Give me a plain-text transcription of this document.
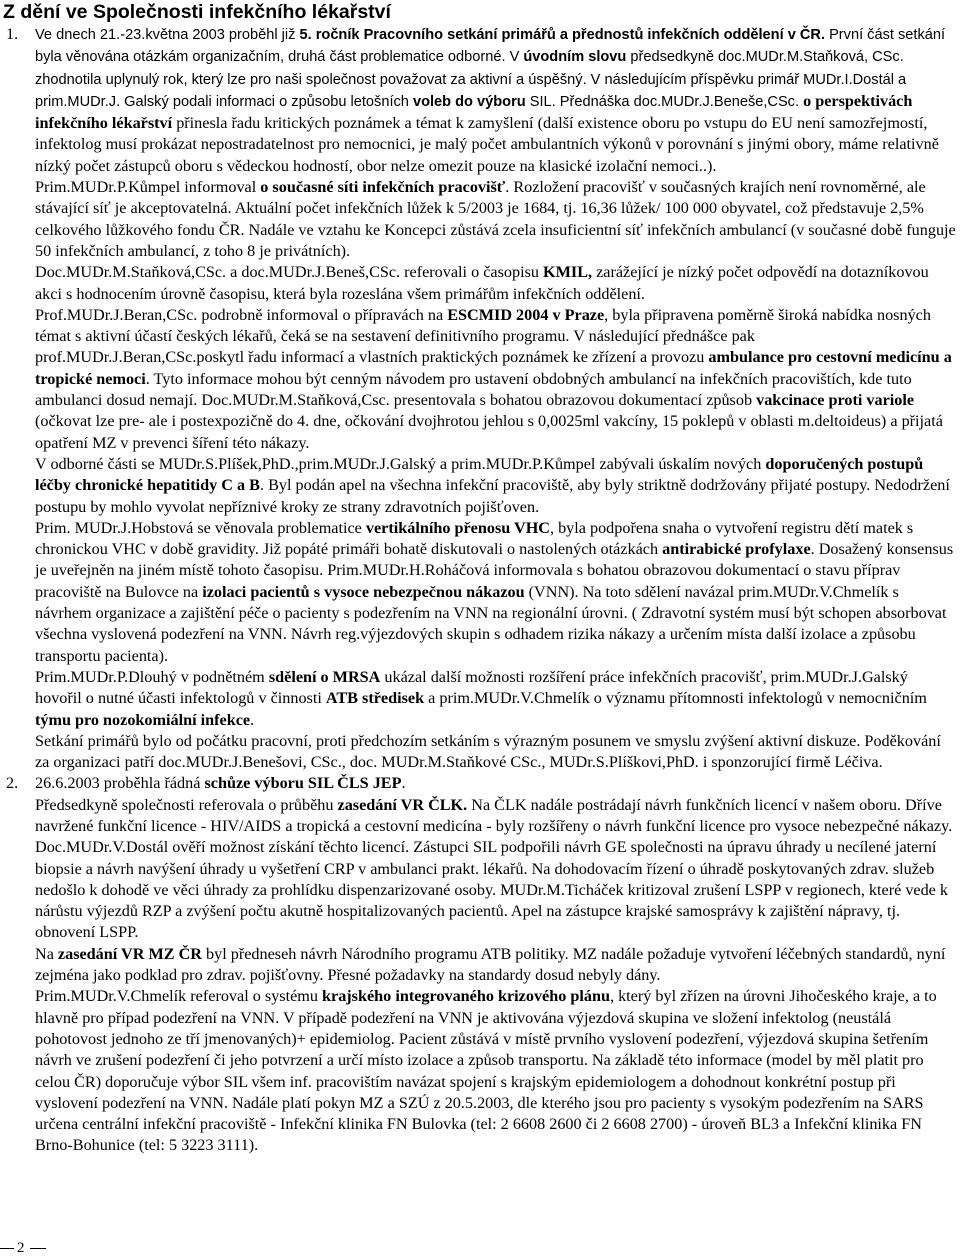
Z dění ve Společnosti infekčního lékařství
1. Ve dnech 21.-23.května 2003 proběhl již 5. ročník Pracovního setkání primářů a přednostů infekčních oddělení v ČR. První část setkání byla věnována otázkám organizačním, druhá část problematice odborné. V úvodním slovu předsedkyně doc.MUDr.M.Staňková, CSc. zhodnotila uplynulý rok, který lze pro naši společnost považovat za aktivní a úspěšný. V následujícím příspěvku primář MUDr.I.Dostál a prim.MUDr.J. Galský podali informaci o způsobu letošních voleb do výboru SIL. Přednáška doc.MUDr.J.Beneše,CSc. o perspektivách infekčního lékařství přinesla řadu kritických poznámek a témat k zamyšlení (další existence oboru po vstupu do EU není samozřejmostí, infektolog musí prokázat nepostradatelnost pro nemocnici, je malý počet ambulantních výkonů v porovnání s jinými obory, máme relativně nízký počet zástupců oboru s vědeckou hodností, obor nelze omezit pouze na klasické izolační nemoci..).

Prim.MUDr.P.Kůmpel informoval o současné síti infekčních pracovišť. Rozložení pracovišť v současných krajích není rovnoměrné, ale stávající síť je akceptovatelná. Aktuální počet infekčních lůžek k 5/2003 je 1684, tj. 16,36 lůžek/ 100 000 obyvatel, což představuje 2,5% celkového lůžkového fondu ČR. Nadále ve vztahu ke Koncepci zůstává zcela insuficientní síť infekčních ambulancí (v současné době funguje 50 infekčních ambulancí, z toho 8 je privátních).

Doc.MUDr.M.Staňková,CSc. a doc.MUDr.J.Beneš,CSc. referovali o časopisu KMIL, zarážející je nízký počet odpovědí na dotazníkovou akci s hodnocením úrovně časopisu, která byla rozeslána všem primářům infekčních oddělení.

Prof.MUDr.J.Beran,CSc. podrobně informoval o přípravách na ESCMID 2004 v Praze, byla připravena poměrně široká nabídka nosných témat s aktivní účastí českých lékařů, čeká se na sestavení definitivního programu. V následující přednášce pak prof.MUDr.J.Beran,CSc.poskytl řadu informací a vlastních praktických poznámek ke zřízení a provozu ambulance pro cestovní medicínu a tropické nemoci. Tyto informace mohou být cenným návodem pro ustavení obdobných ambulancí na infekčních pracovištích, kde tuto ambulanci dosud nemají. Doc.MUDr.M.Staňková,Csc. presentovala s bohatou obrazovou dokumentací způsob vakcinace proti variole (očkovat lze pre- ale i postexpozičně do 4. dne, očkování dvojhrotou jehlou s 0,0025ml vakcíny, 15 poklepů v oblasti m.deltoideus) a přijatá opatření MZ v prevenci šíření této nákazy.

V odborné části se MUDr.S.Plíšek,PhD.,prim.MUDr.J.Galský a prim.MUDr.P.Kůmpel zabývali úskalím nových doporučených postupů léčby chronické hepatitidy C a B. Byl podán apel na všechna infekční pracoviště, aby byly striktně dodržovány přijaté postupy. Nedodržení postupu by mohlo vyvolat nepříznivé kroky ze strany zdravotních pojišťoven.

Prim. MUDr.J.Hobstová se věnovala problematice vertikálního přenosu VHC, byla podpořena snaha o vytvoření registru dětí matek s chronickou VHC v době gravidity. Již popáté primáři bohatě diskutovali o nastolených otázkách antirabické profylaxe. Dosažený konsensus je uveřejněn na jiném místě tohoto časopisu. Prim.MUDr.H.Roháčová informovala s bohatou obrazovou dokumentací o stavu příprav pracoviště na Bulovce na izolaci pacientů s vysoce nebezpečnou nákazou (VNN). Na toto sdělení navázal prim.MUDr.V.Chmelík s návrhem organizace a zajištění péče o pacienty s podezřením na VNN na regionální úrovni. ( Zdravotní systém musí být schopen absorbovat všechna vyslovená podezření na VNN. Návrh reg.výjezdových skupin s odhadem rizika nákazy a určením místa další izolace a způsobu transportu pacienta).

Prim.MUDr.P.Dlouhý v podnětném sdělení o MRSA ukázal další možnosti rozšíření práce infekčních pracovišť, prim.MUDr.J.Galský hovořil o nutné účasti infektologů v činnosti ATB středisek a prim.MUDr.V.Chmelík o významu přítomnosti infektologů v nemocničním týmu pro nozokomiální infekce.

Setkání primářů bylo od počátku pracovní, proti předchozím setkáním s výrazným posunem ve smyslu zvýšení aktivní diskuze. Poděkování za organizaci patří doc.MUDr.J.Benešovi, CSc., doc. MUDr.M.Staňkové CSc., MUDr.S.Plíškovi,PhD. i sponzorující firmě Léčiva.

2. 26.6.2003 proběhla řádná schůze výboru SIL ČLS JEP.

Předsedkyně společnosti referovala o průběhu zasedání VR ČLK. Na ČLK nadále postrádají návrh funkčních licencí v našem oboru. Dříve navržené funkční licence - HIV/AIDS a tropická a cestovní medicína - byly rozšířeny o návrh funkční licence pro vysoce nebezpečné nákazy. Doc.MUDr.V.Dostál ověří možnost získání těchto licencí. Zástupci SIL podpořili návrh GE společnosti na úpravu úhrady u necílené jaterní biopsie a návrh navýšení úhrady u vyšetření CRP v ambulanci prakt. lékařů. Na dohodovacím řízení o úhradě poskytovaných zdrav. služeb nedošlo k dohodě ve věci úhrady za prohlídku dispenzarizované osoby. MUDr.M.Ticháček kritizoval zrušení LSPP v regionech, které vede k nárůstu výjezdů RZP a zvýšení počtu akutně hospitalizovaných pacientů. Apel na zástupce krajské samosprávy k zajištění nápravy, tj. obnovení LSPP.

Na zasedání VR MZ ČR byl předneseh návrh Národního programu ATB politiky. MZ nadále požaduje vytvoření léčebných standardů, nyní zejména jako podklad pro zdrav. pojišťovny. Přesné požadavky na standardy dosud nebyly dány.

Prim.MUDr.V.Chmelík referoval o systému krajského integrovaného krizového plánu, který byl zřízen na úrovni Jihočeského kraje, a to hlavně pro případ podezření na VNN. V případě podezření na VNN je aktivována výjezdová skupina ve složení infektolog (neustálá pohotovost jednoho ze tří jmenovaných)+ epidemiolog. Pacient zůstává v místě prvního vyslovení podezření, výjezdová skupina šetřením návrh ve zrušení podezření či jeho potvrzení a určí místo izolace a způsob transportu. Na základě této informace (model by měl platit pro celou ČR) doporučuje výbor SIL všem inf. pracovištím navázat spojení s krajským epidemiologem a dohodnout konkrétní postup při vyslovení podezření na VNN. Nadále platí pokyn MZ a SZÚ z 20.5.2003, dle kterého jsou pro pacienty s vysokým podezřením na SARS určena centrální infekční pracoviště - Infekční klinika FN Bulovka (tel: 2 6608 2600 či 2 6608 2700) - úroveň BL3 a Infekční klinika FN Brno-Bohunice (tel: 5 3223 3111).

2
